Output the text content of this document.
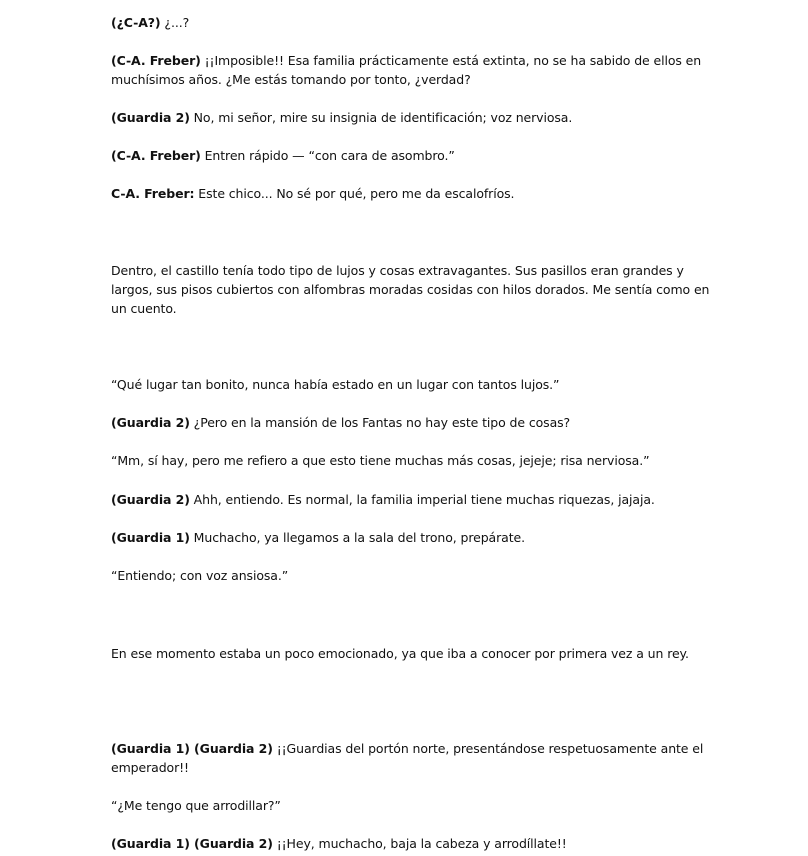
(¿C-A?) ¿...?

(C-A. Freber) ¡¡Imposible!! Esa familia prácticamente está extinta, no se ha sabido de ellos en muchísimos años. ¿Me estás tomando por tonto, ¿verdad?

(Guardia 2) No, mi señor, mire su insignia de identificación; voz nerviosa.

(C-A. Freber) Entren rápido — “con cara de asombro.”

C-A. Freber: Este chico... No sé por qué, pero me da escalofríos.

Dentro, el castillo tenía todo tipo de lujos y cosas extravagantes. Sus pasillos eran grandes y largos, sus pisos cubiertos con alfombras moradas cosidas con hilos dorados. Me sentía como en un cuento.

“Qué lugar tan bonito, nunca había estado en un lugar con tantos lujos.”

(Guardia 2) ¿Pero en la mansión de los Fantas no hay este tipo de cosas?

“Mm, sí hay, pero me refiero a que esto tiene muchas más cosas, jejeje; risa nerviosa.”

(Guardia 2) Ahh, entiendo. Es normal, la familia imperial tiene muchas riquezas, jajaja.

(Guardia 1) Muchacho, ya llegamos a la sala del trono, prepárate.

“Entiendo; con voz ansiosa.”

En ese momento estaba un poco emocionado, ya que iba a conocer por primera vez a un rey.

(Guardia 1) (Guardia 2) ¡¡Guardias del portón norte, presentándose respetuosamente ante el emperador!!

“¿Me tengo que arrodillar?”

(Guardia 1) (Guardia 2) ¡¡Hey, muchacho, baja la cabeza y arrodíllate!!
